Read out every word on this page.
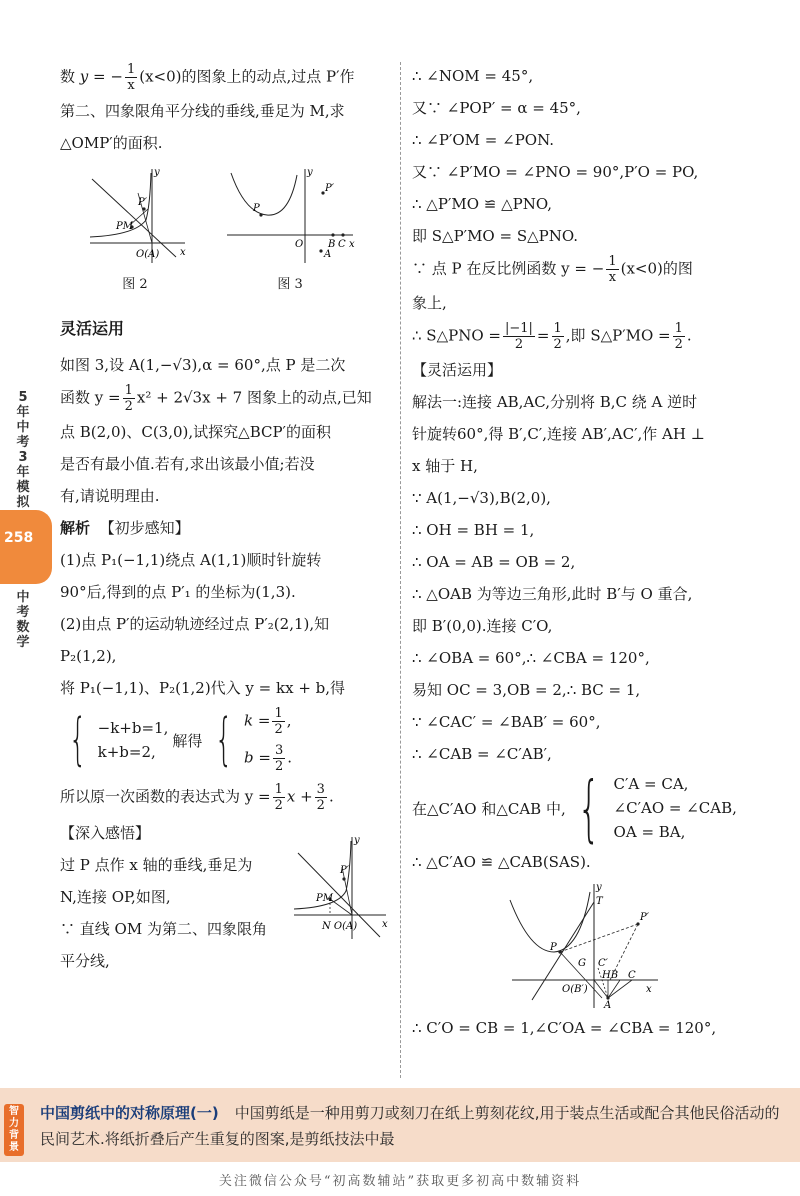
数 y = − $\frac{1}{x} (x<0)$的图象上的动点,过点 P′作
第二、四象限角平分线的垂线,垂足为 M,求
△OMP′的面积.
y
x
P′
PM
O(A)
图 2

y
x
P
P′
O B C
A
图 3
灵活运用
如图 3,设 A(1,−√3),α = 60°,点 P 是二次
函数 $y = \frac{1}{2} x^2 + 2√3x + 7$ 图象上的动点,已知
点 B(2,0)、C(3,0),试探究△BCP′的面积
是否有最小值.若有,求出该最小值;若没
有,请说明理由.
解析 【初步感知】
(1)点 P₁(−1,1)绕点 A(1,1)顺时针旋转
90°后,得到的点 P′₁ 的坐标为(1,3).
(2)由点 P′的运动轨迹经过点 P′₂(2,1),知
P₂(1,2),
将 P₁(−1,1)、P₂(1,2)代入 y = kx + b,得
{ −k+b=1,
k+b=2,
解得 { $k = \frac{1}{2}$ ,
$b = \frac{3}{2}$ .
所以原一次函数的表达式为 $y = \frac{1}{2}$ $x + \frac{3}{2}$ .
【深入感悟】
过 P 点作 x 轴的垂线,垂足为
N,连接 OP,如图,
∵ 直线 OM 为第二、四象限角
平分线,
y
x
P′
PM
N O(A)
∴ ∠NOM = 45°,
又∵ ∠POP′ = α = 45°,
∴ ∠P′OM = ∠PON.
又∵ ∠P′MO = ∠PNO = 90°,P′O = PO,
∴ △P′MO ≌ △PNO,
即 S△P′MO = S△PNO.
∵ 点 P 在反比例函数 y = − $\frac{1}{x} (x<0)$的图
象上,
∴ S△PNO = $\frac{|-1|}{2} = \frac{1}{2}$ ,即 S△P′MO = $\frac{1}{2}$ .
【灵活运用】
解法一:连接 AB,AC,分别将 B,C 绕 A 逆时
针旋转60°,得 B′,C′,连接 AB′,AC′,作 AH ⊥
x 轴于 H,
∵ A(1,−√3),B(2,0),
∴ OH = BH = 1,
∴ OA = AB = OB = 2,
∴ △OAB 为等边三角形,此时 B′与 O 重合,
即 B′(0,0).连接 C′O,
∴ ∠OBA = 60°,∴ ∠CBA = 120°,
易知 OC = 3,OB = 2,∴ BC = 1,
∵ ∠CAC′ = ∠BAB′ = 60°,
∴ ∠CAB = ∠C′AB′,
在△C′AO 和△CAB 中, { C′A = CA,
∠C′AO = ∠CAB,
OA = BA,
∴ △C′AO ≌ △CAB(SAS).
y
T
P
P′
G C′
HB C
O(B′)	x
A
∴ C′O = CB = 1,∠C′OA = ∠CBA = 120°,
5年中考3年模拟
258
中考数学
智力背景
中国剪纸中的对称原理(一) 中国剪纸是一种用剪刀或刻刀在纸上剪刻花纹,用于装点生活或配合其他民俗活动的民间艺术.将纸折叠后产生重复的图案,是剪纸技法中最
关注微信公众号“初高数辅站”获取更多初高中数辅资料
